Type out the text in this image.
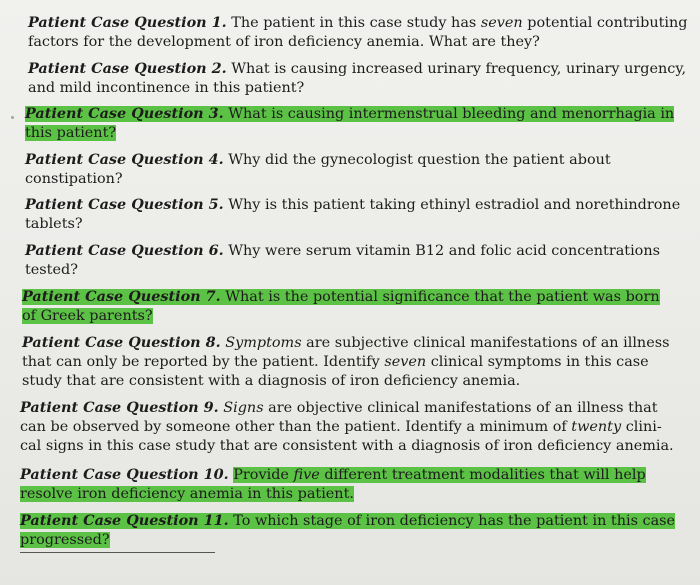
Patient Case Question 1. The patient in this case study has seven potential contributing
factors for the development of iron deficiency anemia. What are they?
Patient Case Question 2. What is causing increased urinary frequency, urinary urgency,
and mild incontinence in this patient?
Patient Case Question 3. What is causing intermenstrual bleeding and menorrhagia in
this patient?
Patient Case Question 4. Why did the gynecologist question the patient about
constipation?
Patient Case Question 5. Why is this patient taking ethinyl estradiol and norethindrone
tablets?
Patient Case Question 6. Why were serum vitamin B12 and folic acid concentrations
tested?
Patient Case Question 7. What is the potential significance that the patient was born
of Greek parents?
Patient Case Question 8. Symptoms are subjective clinical manifestations of an illness
that can only be reported by the patient. Identify seven clinical symptoms in this case
study that are consistent with a diagnosis of iron deficiency anemia.
Patient Case Question 9. Signs are objective clinical manifestations of an illness that
can be observed by someone other than the patient. Identify a minimum of twenty clini-
cal signs in this case study that are consistent with a diagnosis of iron deficiency anemia.
Patient Case Question 10. Provide five different treatment modalities that will help
resolve iron deficiency anemia in this patient.
Patient Case Question 11. To which stage of iron deficiency has the patient in this case
progressed?
